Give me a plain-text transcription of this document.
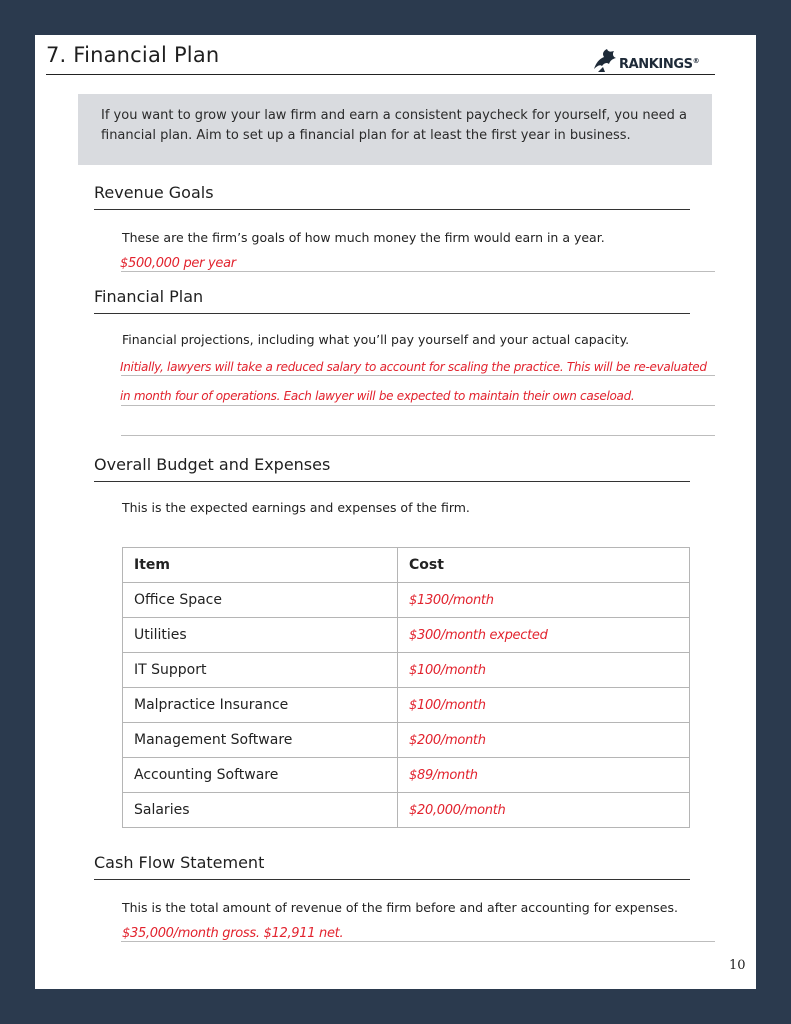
7. Financial Plan	RANKINGS®
If you want to grow your law firm and earn a consistent paycheck for yourself, you need a financial plan. Aim to set up a financial plan for at least the first year in business.
Revenue Goals
These are the firm’s goals of how much money the firm would earn in a year.
$500,000 per year
Financial Plan
Financial projections, including what you’ll pay yourself and your actual capacity.
Initially, lawyers will take a reduced salary to account for scaling the practice. This will be re-evaluated
in month four of operations. Each lawyer will be expected to maintain their own caseload.
Overall Budget and Expenses
This is the expected earnings and expenses of the firm.
Item	Cost
Office Space	$1300/month
Utilities	$300/month expected
IT Support	$100/month
Malpractice Insurance	$100/month
Management Software	$200/month
Accounting Software	$89/month
Salaries	$20,000/month
Cash Flow Statement
This is the total amount of revenue of the firm before and after accounting for expenses.
$35,000/month gross. $12,911 net.
10
